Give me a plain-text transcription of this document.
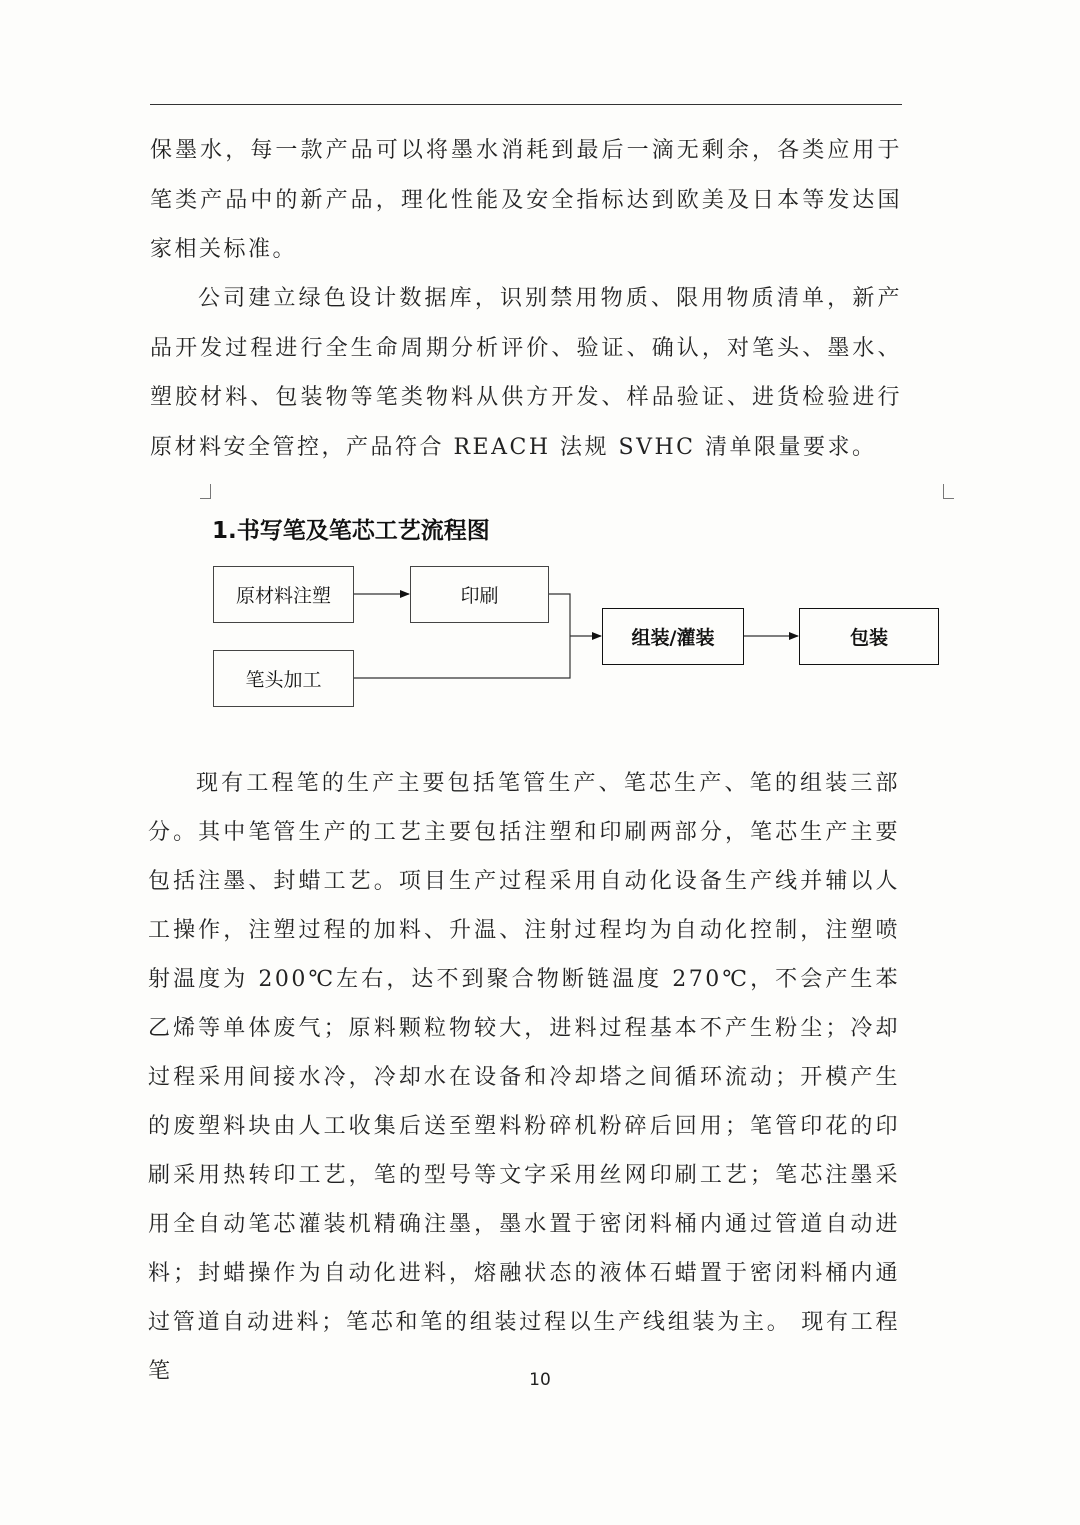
保墨水，每一款产品可以将墨水消耗到最后一滴无剩余，各类应用于笔类产品中的新产品，理化性能及安全指标达到欧美及日本等发达国家相关标准。

公司建立绿色设计数据库，识别禁用物质、限用物质清单，新产品开发过程进行全生命周期分析评价、验证、确认，对笔头、墨水、塑胶材料、包装物等笔类物料从供方开发、样品验证、进货检验进行原材料安全管控，产品符合 REACH 法规 SVHC 清单限量要求。

1.书写笔及笔芯工艺流程图
原材料注塑	印刷
笔头加工
组装/灌装	包装

现有工程笔的生产主要包括笔管生产、笔芯生产、笔的组装三部分。其中笔管生产的工艺主要包括注塑和印刷两部分，笔芯生产主要包括注墨、封蜡工艺。项目生产过程采用自动化设备生产线并辅以人工操作，注塑过程的加料、升温、注射过程均为自动化控制，注塑喷射温度为 200℃左右，达不到聚合物断链温度 270℃，不会产生苯乙烯等单体废气；原料颗粒物较大，进料过程基本不产生粉尘；冷却过程采用间接水冷，冷却水在设备和冷却塔之间循环流动；开模产生的废塑料块由人工收集后送至塑料粉碎机粉碎后回用；笔管印花的印刷采用热转印工艺，笔的型号等文字采用丝网印刷工艺；笔芯注墨采用全自动笔芯灌装机精确注墨，墨水置于密闭料桶内通过管道自动进料；封蜡操作为自动化进料，熔融状态的液体石蜡置于密闭料桶内通过管道自动进料；笔芯和笔的组装过程以生产线组装为主。 现有工程笔	10
